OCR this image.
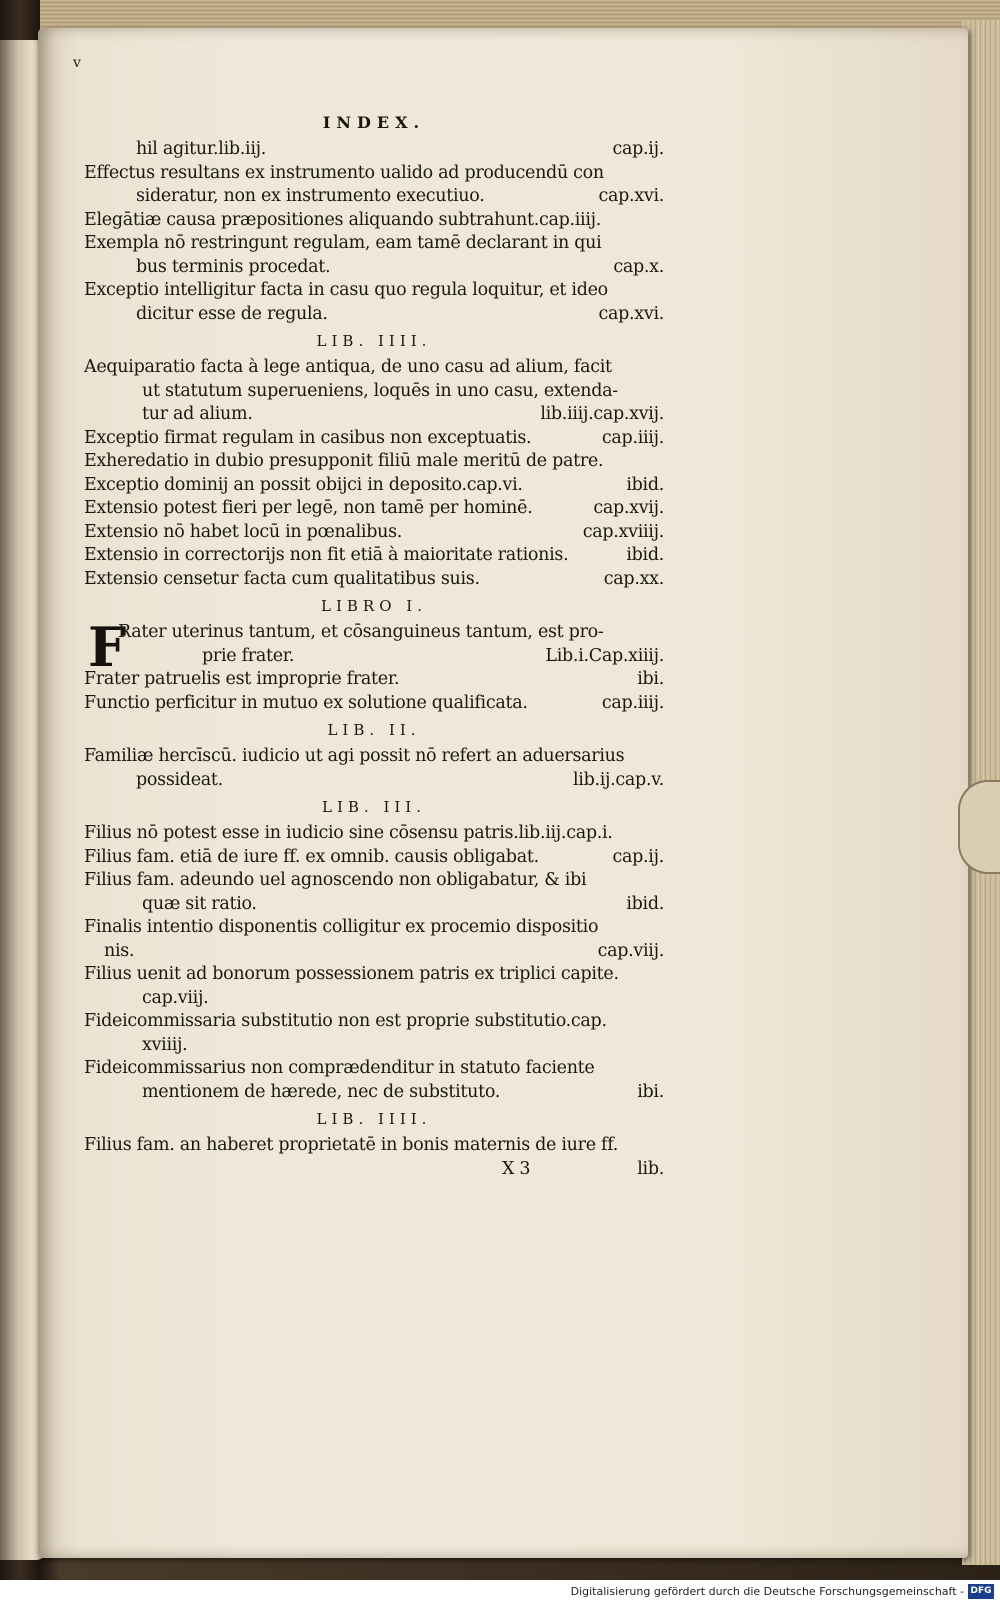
v
INDEX.
hil agitur.lib.iij.	cap.ij.
Effectus resultans ex instrumento ualido ad producendū con
sideratur, non ex instrumento executiuo.	cap.xvi.
Elegātiæ causa præpositiones aliquando subtrahunt.cap.iiij.
Exempla nō restringunt regulam, eam tamē declarant in qui
bus terminis procedat.	cap.x.
Exceptio intelligitur facta in casu quo regula loquitur, et ideo
dicitur esse de regula.	cap.xvi.
LIB. IIII.
Aequiparatio facta à lege antiqua, de uno casu ad alium, facit
ut statutum superueniens, loquēs in uno casu, extenda-
tur ad alium.	lib.iiij.cap.xvij.
Exceptio firmat regulam in casibus non exceptuatis.	cap.iiij.
Exheredatio in dubio presupponit filiū male meritū de patre.
Exceptio dominij an possit obijci in deposito.cap.vi.	ibid.
Extensio potest fieri per legē, non tamē per hominē.	cap.xvij.
Extensio nō habet locū in pœnalibus.	cap.xviiij.
Extensio in correctorijs non fit etiā à maioritate rationis.	ibid.
Extensio censetur facta cum qualitatibus suis.	cap.xx.
LIBRO I.
F
Rater uterinus tantum, et cōsanguineus tantum, est pro-
prie frater.	Lib.i.Cap.xiiij.
Frater patruelis est improprie frater.	ibi.
Functio perficitur in mutuo ex solutione qualificata.	cap.iiij.
LIB. II.
Familiæ hercīscū. iudicio ut agi possit nō refert an aduersarius
possideat.	lib.ij.cap.v.
LIB. III.
Filius nō potest esse in iudicio sine cōsensu patris.lib.iij.cap.i.
Filius fam. etiā de iure ff. ex omnib. causis obligabat.	cap.ij.
Filius fam. adeundo uel agnoscendo non obligabatur, & ibi
quæ sit ratio.	ibid.
Finalis intentio disponentis colligitur ex procemio dispositio
nis.	cap.viij.
Filius uenit ad bonorum possessionem patris ex triplici capite.
cap.viij.
Fideicommissaria substitutio non est proprie substitutio.cap.
xviiij.
Fideicommissarius non comprædenditur in statuto faciente
mentionem de hærede, nec de substituto.	ibi.
LIB. IIII.
Filius fam. an haberet proprietatē in bonis maternis de iure ff.
X 3	lib.
Digitalisierung gefördert durch die Deutsche Forschungsgemeinschaft - DFG
